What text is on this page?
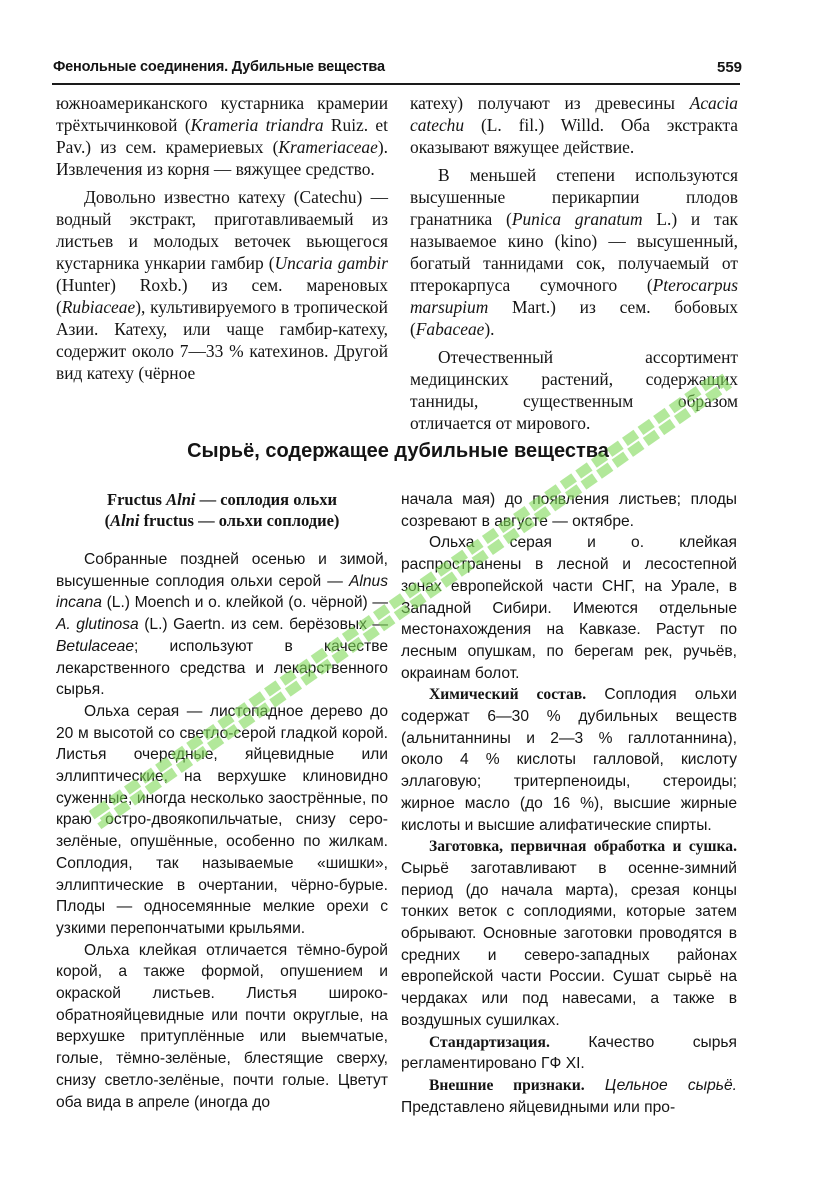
Фенольные соединения. Дубильные вещества	559

южноамериканского кустарника крамерии трёхтычинковой (Krameria triandra Ruiz. et Pav.) из сем. крамериевых (Krameriaceae). Извлечения из корня — вяжущее средство.

Довольно известно катеху (Catechu) — водный экстракт, приготавливаемый из листьев и молодых веточек вьющегося кустарника ункарии гамбир (Uncaria gambir (Hunter) Roxb.) из сем. мареновых (Rubiaceae), культивируемого в тропической Азии. Катеху, или чаще гамбир-катеху, содержит около 7—33 % катехинов. Другой вид катеху (чёрное

катеху) получают из древесины Acacia catechu (L. fil.) Willd. Оба экстракта оказывают вяжущее действие.

В меньшей степени используются высушенные перикарпии плодов гранатника (Punica granatum L.) и так называемое кино (kino) — высушенный, богатый таннидами сок, получаемый от птерокарпуса сумочного (Pterocarpus marsupium Mart.) из сем. бобовых (Fabaceae).

Отечественный ассортимент медицинских растений, содержащих танниды, существенным образом отличается от мирового.

Сырьё, содержащее дубильные вещества

Fructus Alni — соплодия ольхи
(Alni fructus — ольхи соплодие)

Собранные поздней осенью и зимой, высушенные соплодия ольхи серой — Alnus incana (L.) Moench и о. клейкой (о. чёрной) — A. glutinosa (L.) Gaertn. из сем. берёзовых — Betulaceae; используют в качестве лекарственного средства и лекарственного сырья.

Ольха серая — листопадное дерево до 20 м высотой со светло-серой гладкой корой. Листья очередные, яйцевидные или эллиптические, на верхушке клиновидно суженные, иногда несколько заострённые, по краю остро-двоякопильчатые, снизу серо-зелёные, опушённые, особенно по жилкам. Соплодия, так называемые «шишки», эллиптические в очертании, чёрно-бурые. Плоды — односемянные мелкие орехи с узкими перепончатыми крыльями.

Ольха клейкая отличается тёмно-бурой корой, а также формой, опушением и окраской листьев. Листья широко-обратнояйцевидные или почти округлые, на верхушке притуплённые или выемчатые, голые, тёмно-зелёные, блестящие сверху, снизу светло-зелёные, почти голые. Цветут оба вида в апреле (иногда до

начала мая) до появления листьев; плоды созревают в августе — октябре.

Ольха серая и о. клейкая распространены в лесной и лесостепной зонах европейской части СНГ, на Урале, в Западной Сибири. Имеются отдельные местонахождения на Кавказе. Растут по лесным опушкам, по берегам рек, ручьёв, окраинам болот.

Химический состав. Соплодия ольхи содержат 6—30 % дубильных веществ (альнитаннины и 2—3 % галлотаннина), около 4 % кислоты галловой, кислоту эллаговую; тритерпеноиды, стероиды; жирное масло (до 16 %), высшие жирные кислоты и высшие алифатические спирты.

Заготовка, первичная обработка и сушка. Сырьё заготавливают в осенне-зимний период (до начала марта), срезая концы тонких веток с соплодиями, которые затем обрывают. Основные заготовки проводятся в средних и северо-западных районах европейской части России. Сушат сырьё на чердаках или под навесами, а также в воздушных сушилках.

Стандартизация. Качество сырья регламентировано ГФ XI.

Внешние признаки. Цельное сырьё. Представлено яйцевидными или про-
